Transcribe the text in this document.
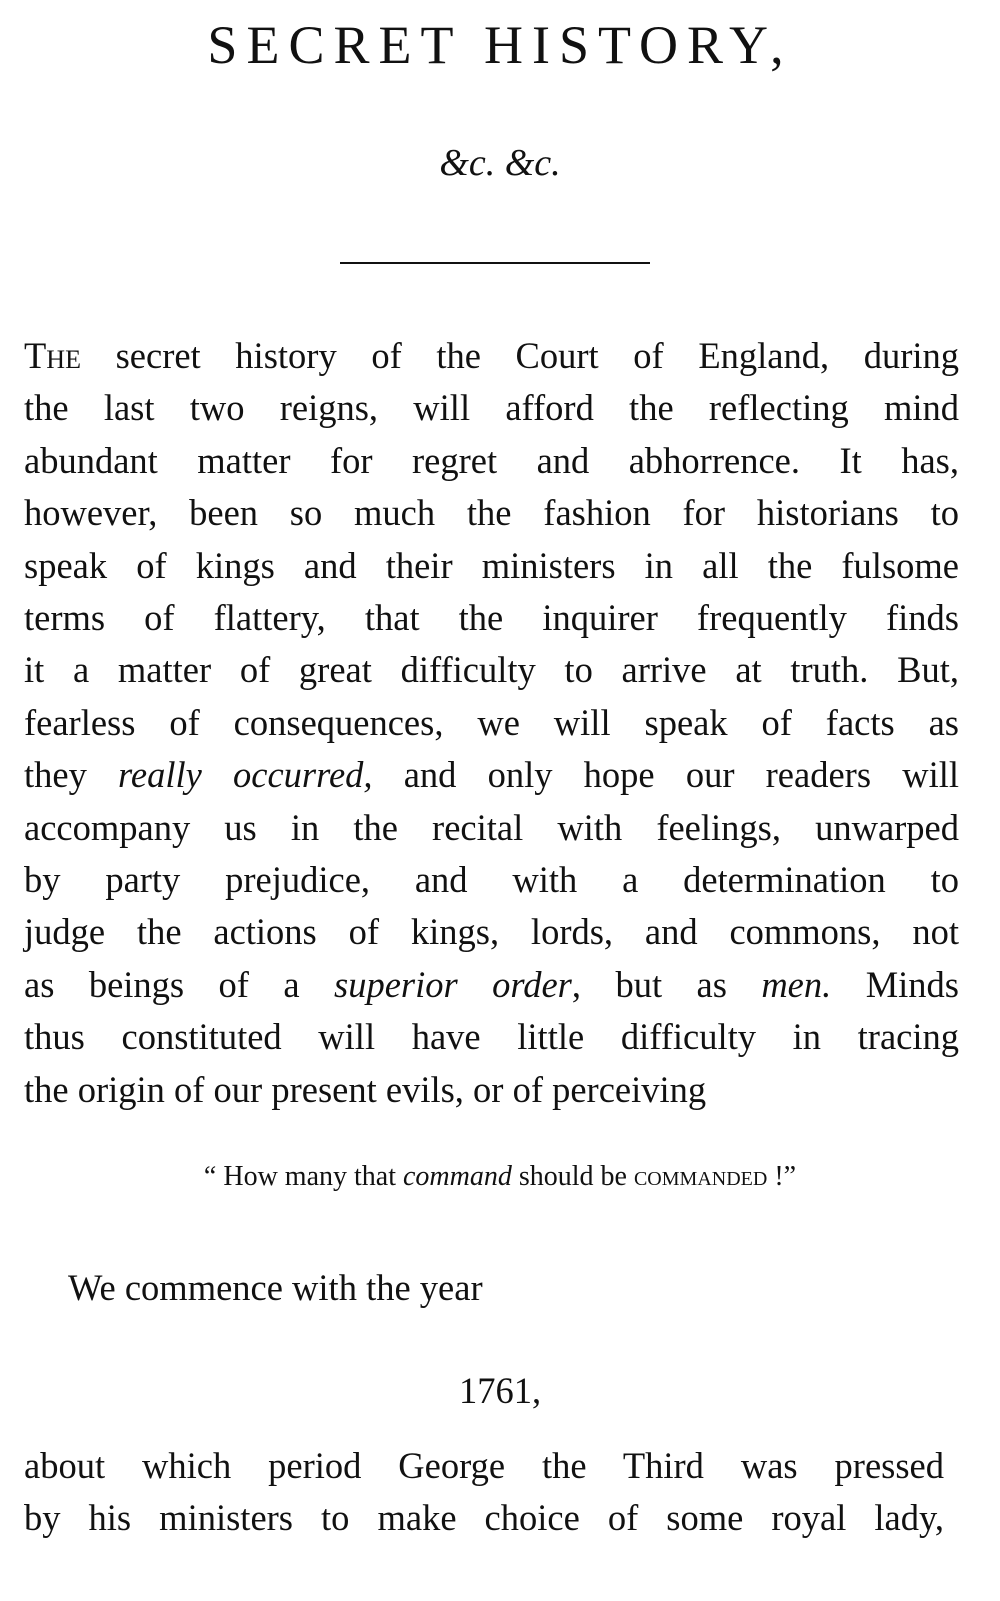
SECRET HISTORY,
&c. &c.
The secret history of the Court of England, during
the last two reigns, will afford the reflecting mind
abundant matter for regret and abhorrence. It has,
however, been so much the fashion for historians to
speak of kings and their ministers in all the fulsome
terms of flattery, that the inquirer frequently finds
it a matter of great difficulty to arrive at truth. But,
fearless of consequences, we will speak of facts as
they really occurred, and only hope our readers will
accompany us in the recital with feelings, unwarped
by party prejudice, and with a determination to
judge the actions of kings, lords, and commons, not
as beings of a superior order, but as men. Minds
thus constituted will have little difficulty in tracing
the origin of our present evils, or of perceiving
“ How many that command should be commanded !”
We commence with the year
1761,
about which period George the Third was pressed
by his ministers to make choice of some royal lady,
